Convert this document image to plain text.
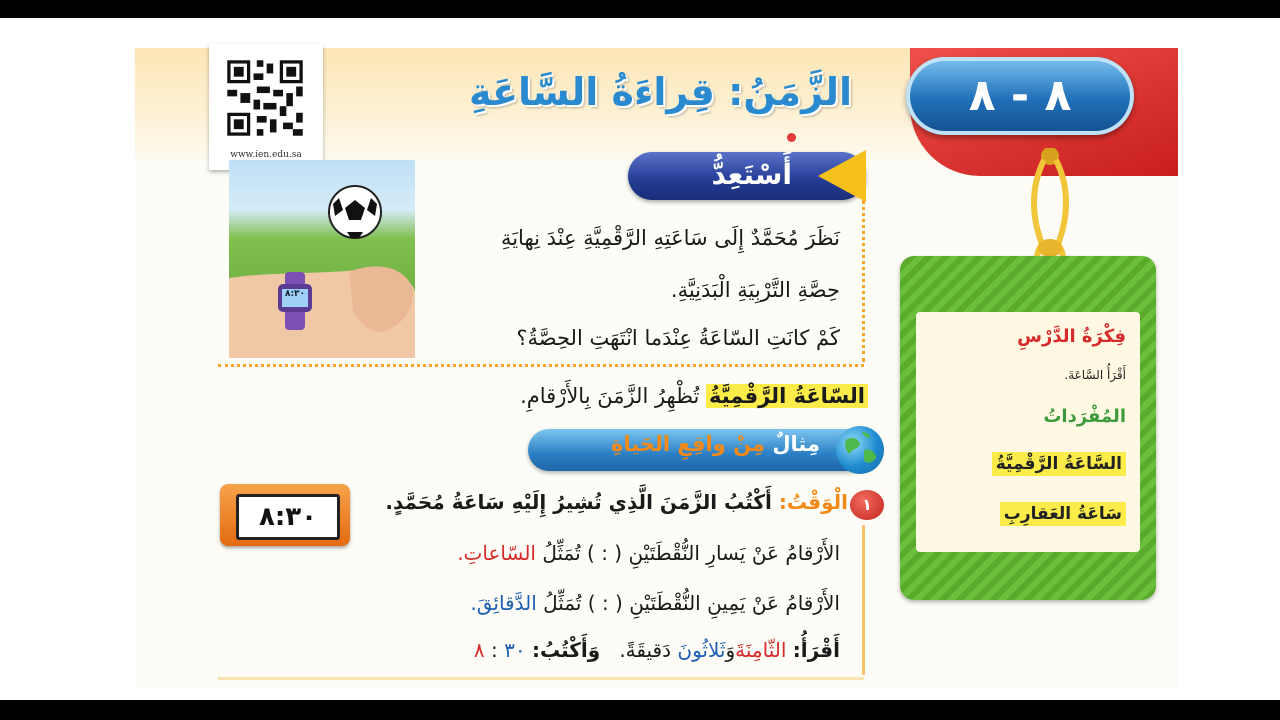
٨ - ٨
الزَّمَنُ: قِراءَةُ السَّاعَةِ
www.ien.edu.sa
٨:٣٠
أَسْتَعِدُّ
نَظَرَ مُحَمَّدٌ إِلَى سَاعَتِهِ الرَّقْمِيَّةِ عِنْدَ نِهايَةِ
حِصَّةِ التَّرْبِيَةِ الْبَدَنِيَّةِ.
كَمْ كانَتِ السّاعَةُ عِنْدَما انْتَهَتِ الحِصَّةُ؟
السّاعَةُ الرَّقْمِيَّةُ تُظْهِرُ الزَّمَنَ بِالأَرْقامِ.
مِثالٌ مِنْ واقِعِ الحَياةِ
١
الْوَقْتُ: أَكْتُبُ الزَّمَنَ الَّذِي تُشِيرُ إِلَيْهِ سَاعَةُ مُحَمَّدٍ.
الأَرْقامُ عَنْ يَسارِ النُّقْطَتَيْنِ ( : ) تُمَثِّلُ السّاعاتِ.
الأَرْقامُ عَنْ يَمِينِ النُّقْطَتَيْنِ ( : ) تُمَثِّلُ الدَّقائِقَ.
أَقْرَأُ: الثّامِنَةَوَثَلاثُونَ دَقيقَةً.   وَأَكْتُبُ: ٣٠ : ٨
٨:٣٠
فِكْرَةُ الدَّرْسِ
أَقْرَأُ السَّاعَةَ.
المُفْرَداتُ
السَّاعَةُ الرَّقْمِيَّةُ
سَاعَةُ العَقارِبِ
